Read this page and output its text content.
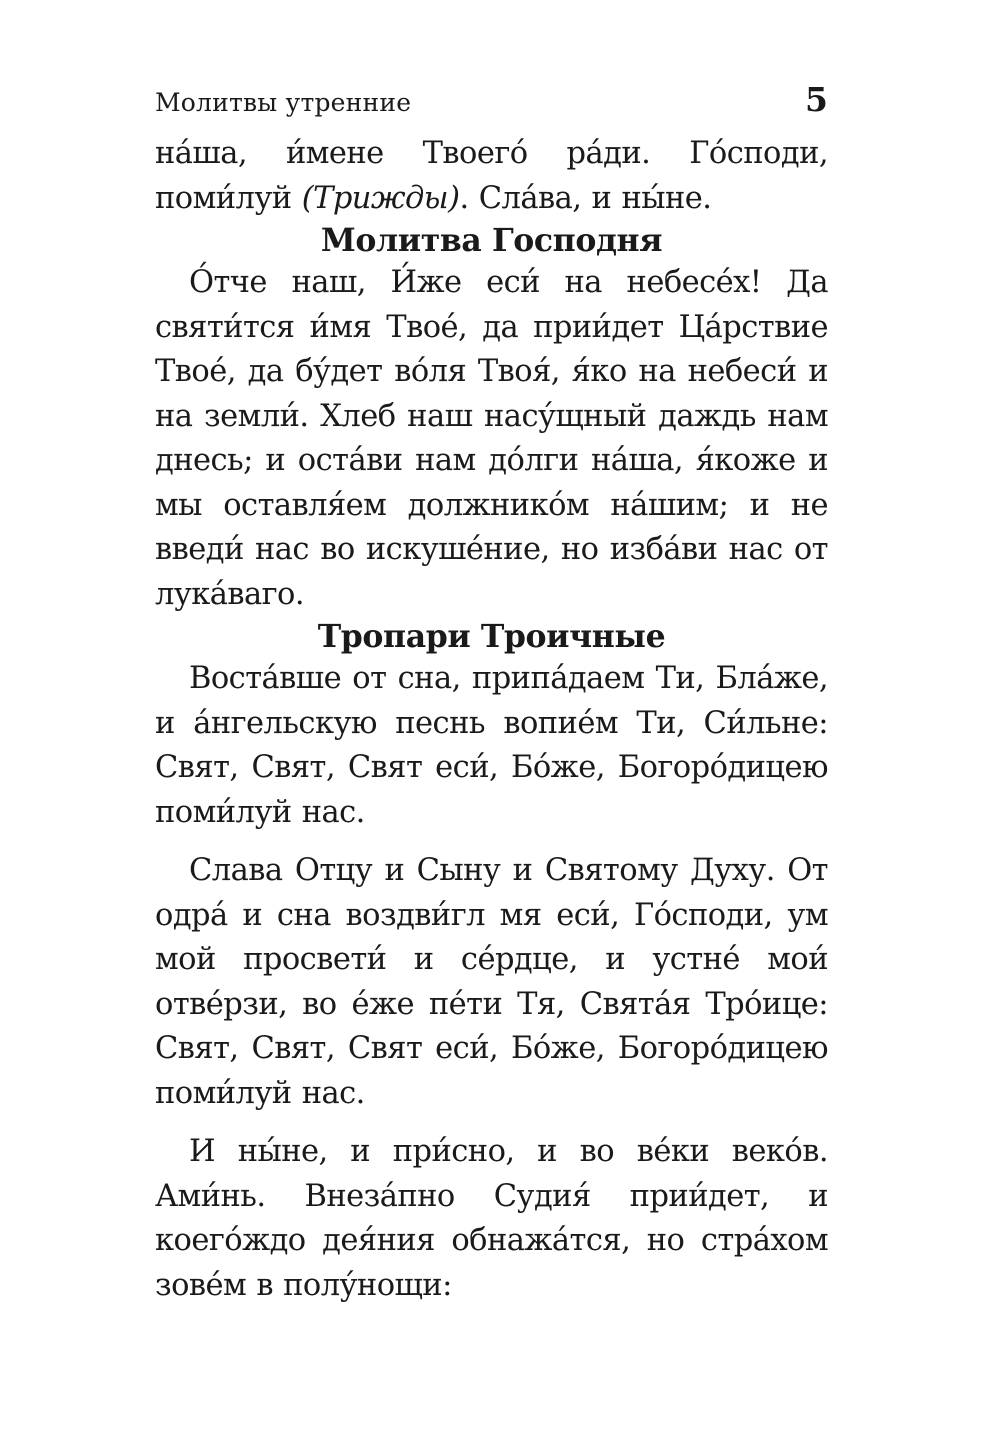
Молитвы утренние	5

на́ша, и́мене Твоего́ ра́ди. Го́споди, поми́луй (Трижды). Сла́ва, и ны́не.

Молитва Господня

О́тче наш, И́же еси́ на небесе́х! Да святи́тся и́мя Твое́, да прии́дет Ца́рствие Твое́, да бу́дет во́ля Твоя́, я́ко на небеси́ и на земли́. Хлеб наш насу́щный даждь нам днесь; и оста́ви нам до́лги на́ша, я́коже и мы оставля́ем должнико́м на́шим; и не введи́ нас во искуше́ние, но изба́ви нас от лука́ваго.

Тропари Троичные

Воста́вше от сна, припа́даем Ти, Бла́же, и а́нгельскую песнь вопие́м Ти, Си́льне: Свят, Свят, Свят еси́, Бо́же, Богоро́дицею поми́луй нас.

Слава Отцу и Сыну и Святому Духу. От одра́ и сна воздви́гл мя еси́, Го́споди, ум мой просвети́ и се́рдце, и устне́ мои́ отве́рзи, во е́же пе́ти Тя, Свята́я Тро́ице: Свят, Свят, Свят еси́, Бо́же, Богоро́дицею поми́луй нас.

И ны́не, и при́сно, и во ве́ки веко́в. Ами́нь. Внеза́пно Судия́ прии́дет, и коего́ждо дея́ния обнажа́тся, но стра́хом зове́м в полу́нощи:
